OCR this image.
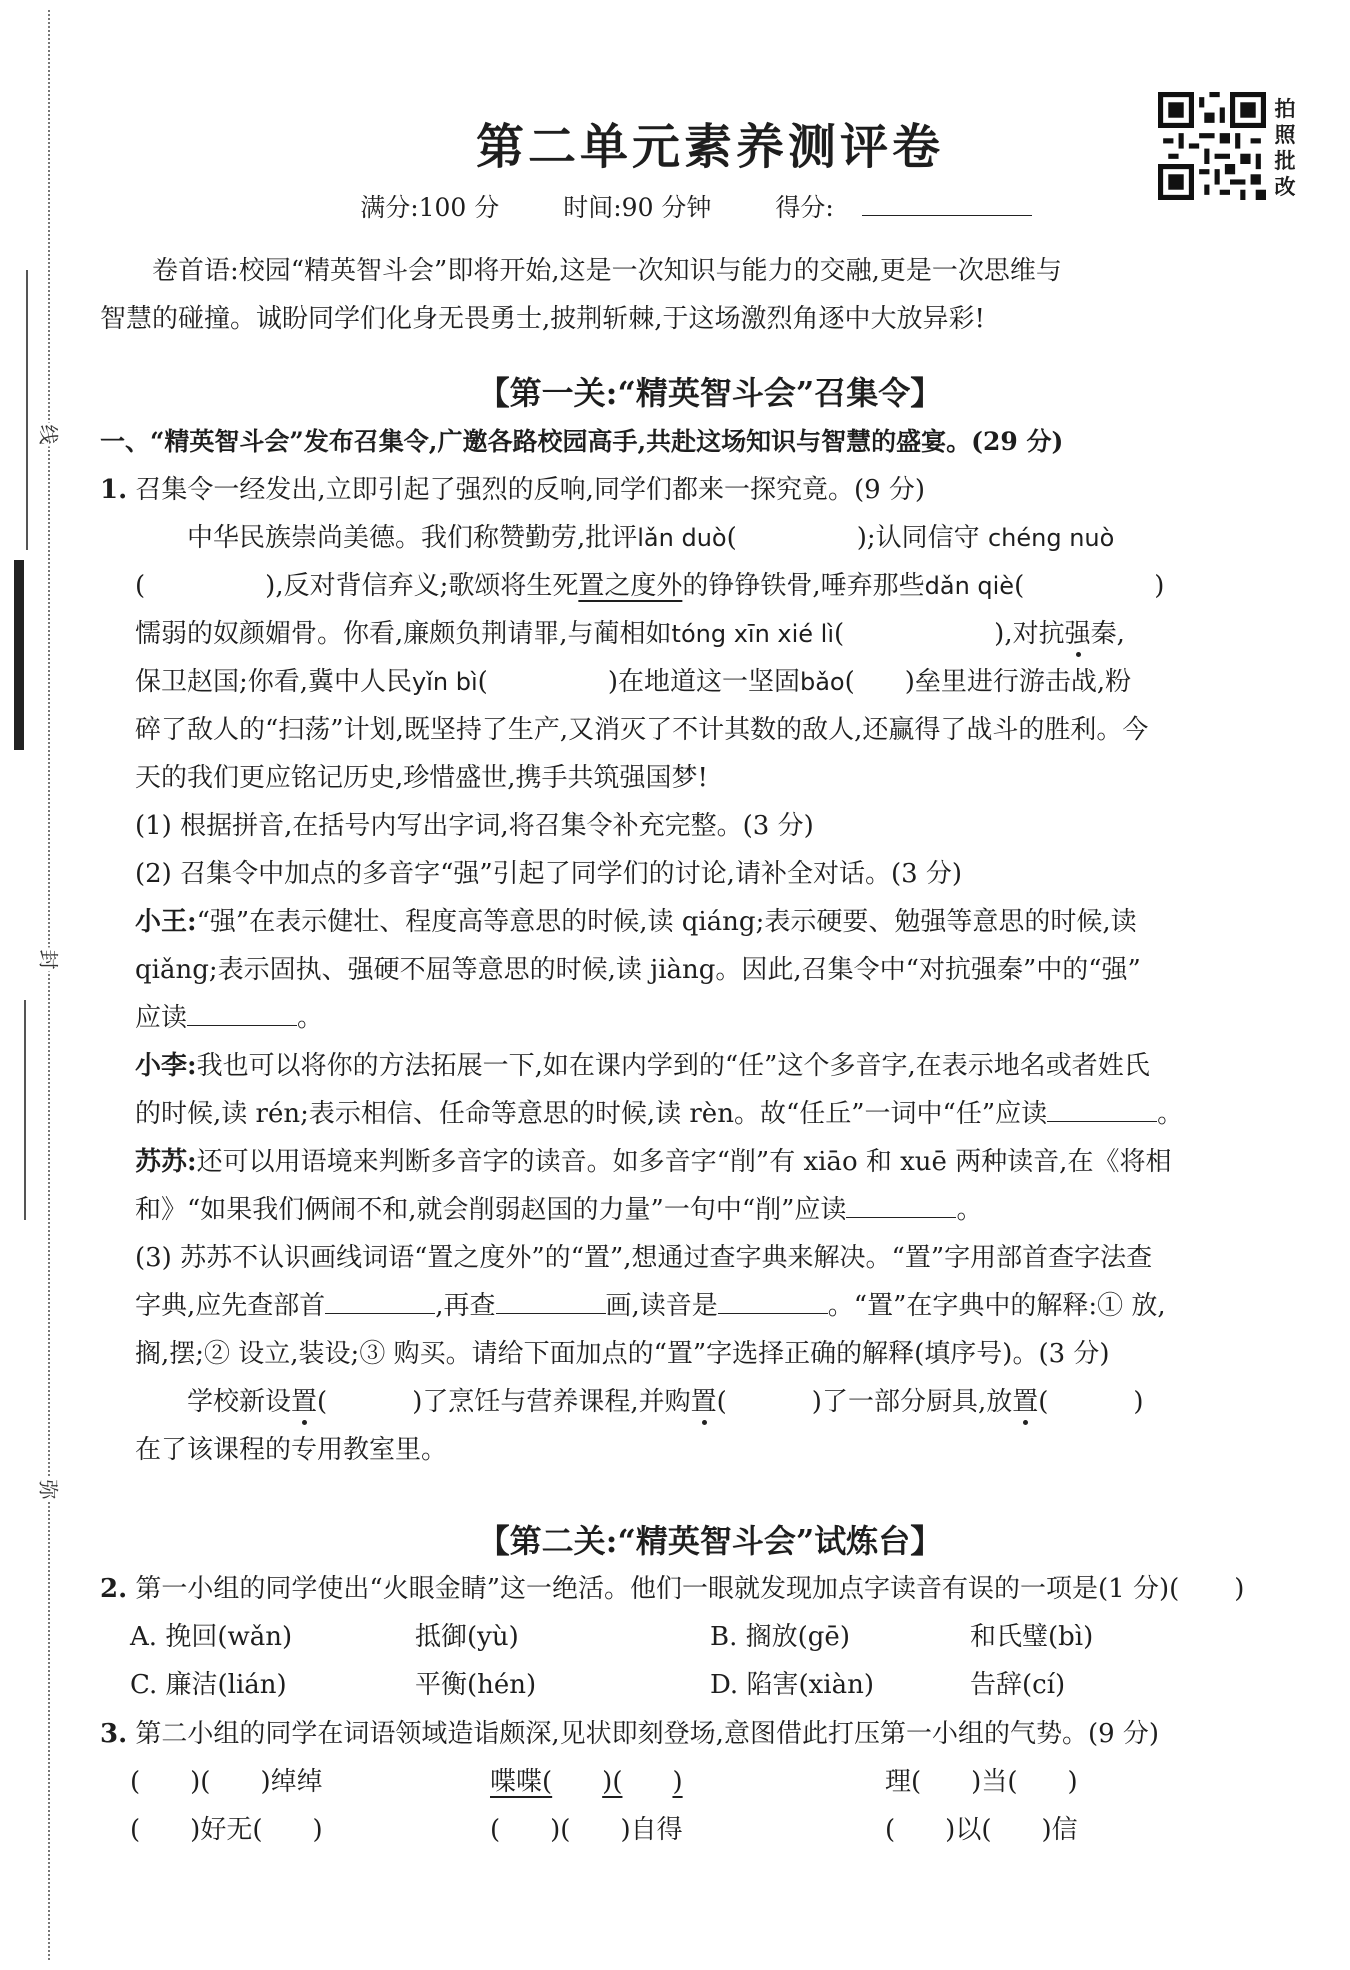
线
封
弥
第二单元素养测评卷
满分:100 分	时间:90 分钟	得分:
拍
照
批
改
卷首语:校园“精英智斗会”即将开始,这是一次知识与能力的交融,更是一次思维与
智慧的碰撞。诚盼同学们化身无畏勇士,披荆斩棘,于这场激烈角逐中大放异彩!
【第一关:“精英智斗会”召集令】
一、“精英智斗会”发布召集令,广邀各路校园高手,共赴这场知识与智慧的盛宴。(29 分)
1. 召集令一经发出,立即引起了强烈的反响,同学们都来一探究竟。(9 分)
中华民族崇尚美德。我们称赞勤劳,批评lǎn duò(	);认同信守 chéng nuò
(	),反对背信弃义;歌颂将生死置之度外的铮铮铁骨,唾弃那些dǎn qiè(	)
懦弱的奴颜媚骨。你看,廉颇负荆请罪,与蔺相如tóng xīn xié lì(	),对抗强秦,
保卫赵国;你看,冀中人民yǐn bì(	)在地道这一坚固bǎo( )垒里进行游击战,粉
碎了敌人的“扫荡”计划,既坚持了生产,又消灭了不计其数的敌人,还赢得了战斗的胜利。今
天的我们更应铭记历史,珍惜盛世,携手共筑强国梦!
(1) 根据拼音,在括号内写出字词,将召集令补充完整。(3 分)
(2) 召集令中加点的多音字“强”引起了同学们的讨论,请补全对话。(3 分)
小王:“强”在表示健壮、程度高等意思的时候,读 qiáng;表示硬要、勉强等意思的时候,读
qiǎng;表示固执、强硬不屈等意思的时候,读 jiàng。因此,召集令中“对抗强秦”中的“强”
应读	。
小李:我也可以将你的方法拓展一下,如在课内学到的“任”这个多音字,在表示地名或者姓氏
的时候,读 rén;表示相信、任命等意思的时候,读 rèn。故“任丘”一词中“任”应读	。
苏苏:还可以用语境来判断多音字的读音。如多音字“削”有 xiāo 和 xuē 两种读音,在《将相
和》“如果我们俩闹不和,就会削弱赵国的力量”一句中“削”应读	。
(3) 苏苏不认识画线词语“置之度外”的“置”,想通过查字典来解决。“置”字用部首查字法查
字典,应先查部首	,再查	画,读音是	。“置”在字典中的解释:① 放,
搁,摆;② 设立,装设;③ 购买。请给下面加点的“置”字选择正确的解释(填序号)。(3 分)
学校新设置(	)了烹饪与营养课程,并购置(	)了一部分厨具,放置(	)
在了该课程的专用教室里。
【第二关:“精英智斗会”试炼台】
2. 第一小组的同学使出“火眼金睛”这一绝活。他们一眼就发现加点字读音有误的一项是(1 分)( )
A. 挽回(wǎn)	抵御(yù)	B. 搁放(gē)	和氏璧(bì)
C. 廉洁(lián)	平衡(hén)	D. 陷害(xiàn)	告辞(cí)
3. 第二小组的同学在词语领域造诣颇深,见状即刻登场,意图借此打压第一小组的气势。(9 分)
( )( )绰绰	喋喋( )( )	理( )当( )
( )好无( )	( )( )自得	( )以( )信
